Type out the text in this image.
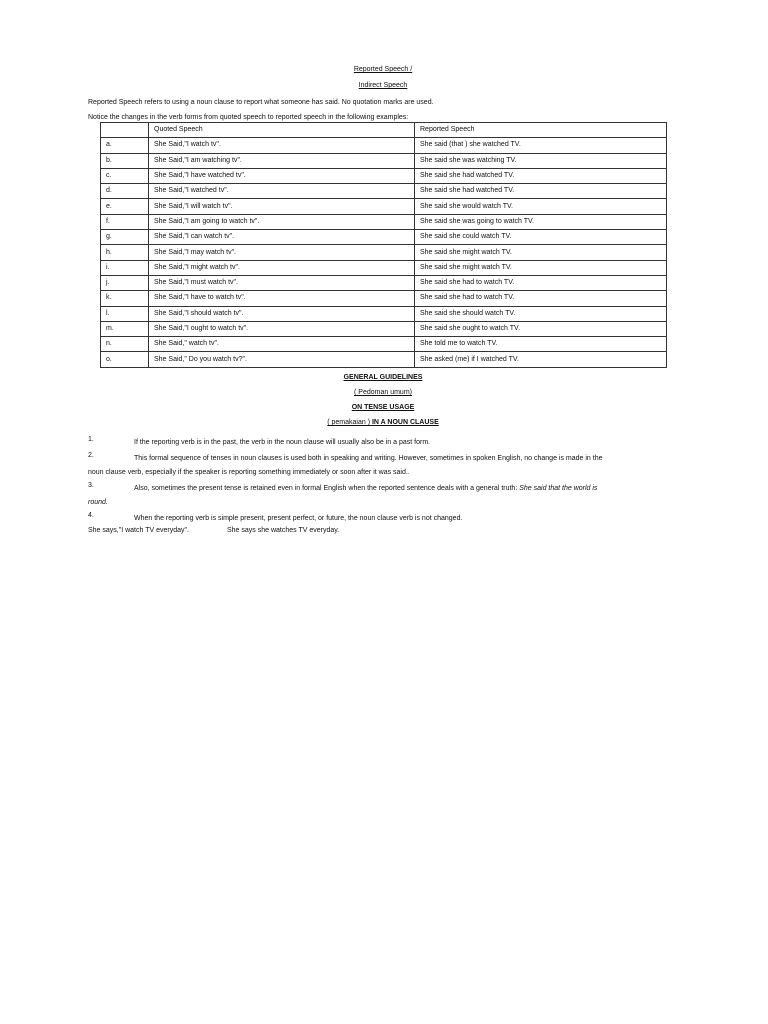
Reported Speech /

Indirect Speech

Reported Speech refers to using a noun clause to report what someone has said. No quotation marks are used.

Notice the changes in the verb forms from quoted speech to reported speech in the following examples:

	Quoted Speech	Reported Speech
a.	She Said,"I watch tv".	She said (that ) she watched TV.
b.	She Said,"I am watching tv".	She said she was watching TV.
c.	She Said,"I have watched tv".	She said she had watched TV.
d.	She Said,"I watched tv".	She said she had watched TV.
e.	She Said,"I will watch tv".	She said she would watch TV.
f.	She Said,"I am going to watch tv".	She said she was going to watch TV.
g.	She Said,"I can watch tv".	She said she could watch TV.
h.	She Said,"I may watch tv".	She said she might watch TV.
i.	She Said,"I might watch tv".	She said she might watch TV.
j.	She Said,"I must watch tv".	She said she had to watch TV.
k.	She Said,"I have to watch tv".	She said she had to watch TV.
l.	She Said,"I should watch tv".	She said she should watch TV.
m.	She Said,"I ought to watch tv".	She said she ought to watch TV.
n.	She Said," watch tv".	She told me to watch TV.
o.	She Said," Do you watch tv?".	She asked (me) if I watched TV.

GENERAL GUIDELINES

( Pedoman umum)

ON TENSE USAGE

( pemakaian ) IN A NOUN CLAUSE

1.	If the reporting verb is in the past, the verb in the noun clause will usually also be in a past form.
2.	This formal sequence of tenses in noun clauses is used both in speaking and writing. However, sometimes in spoken English, no change is made in the
noun clause verb, especially if the speaker is reporting something immediately or soon after it was said..
3.	Also, sometimes the present tense is retained even in formal English when the reported sentence deals with a general truth: She said that the world is
round.
4.	When the reporting verb is simple present, present perfect, or future, the noun clause verb is not changed.
She says,"I watch TV everyday".	She says she watches TV everyday.
